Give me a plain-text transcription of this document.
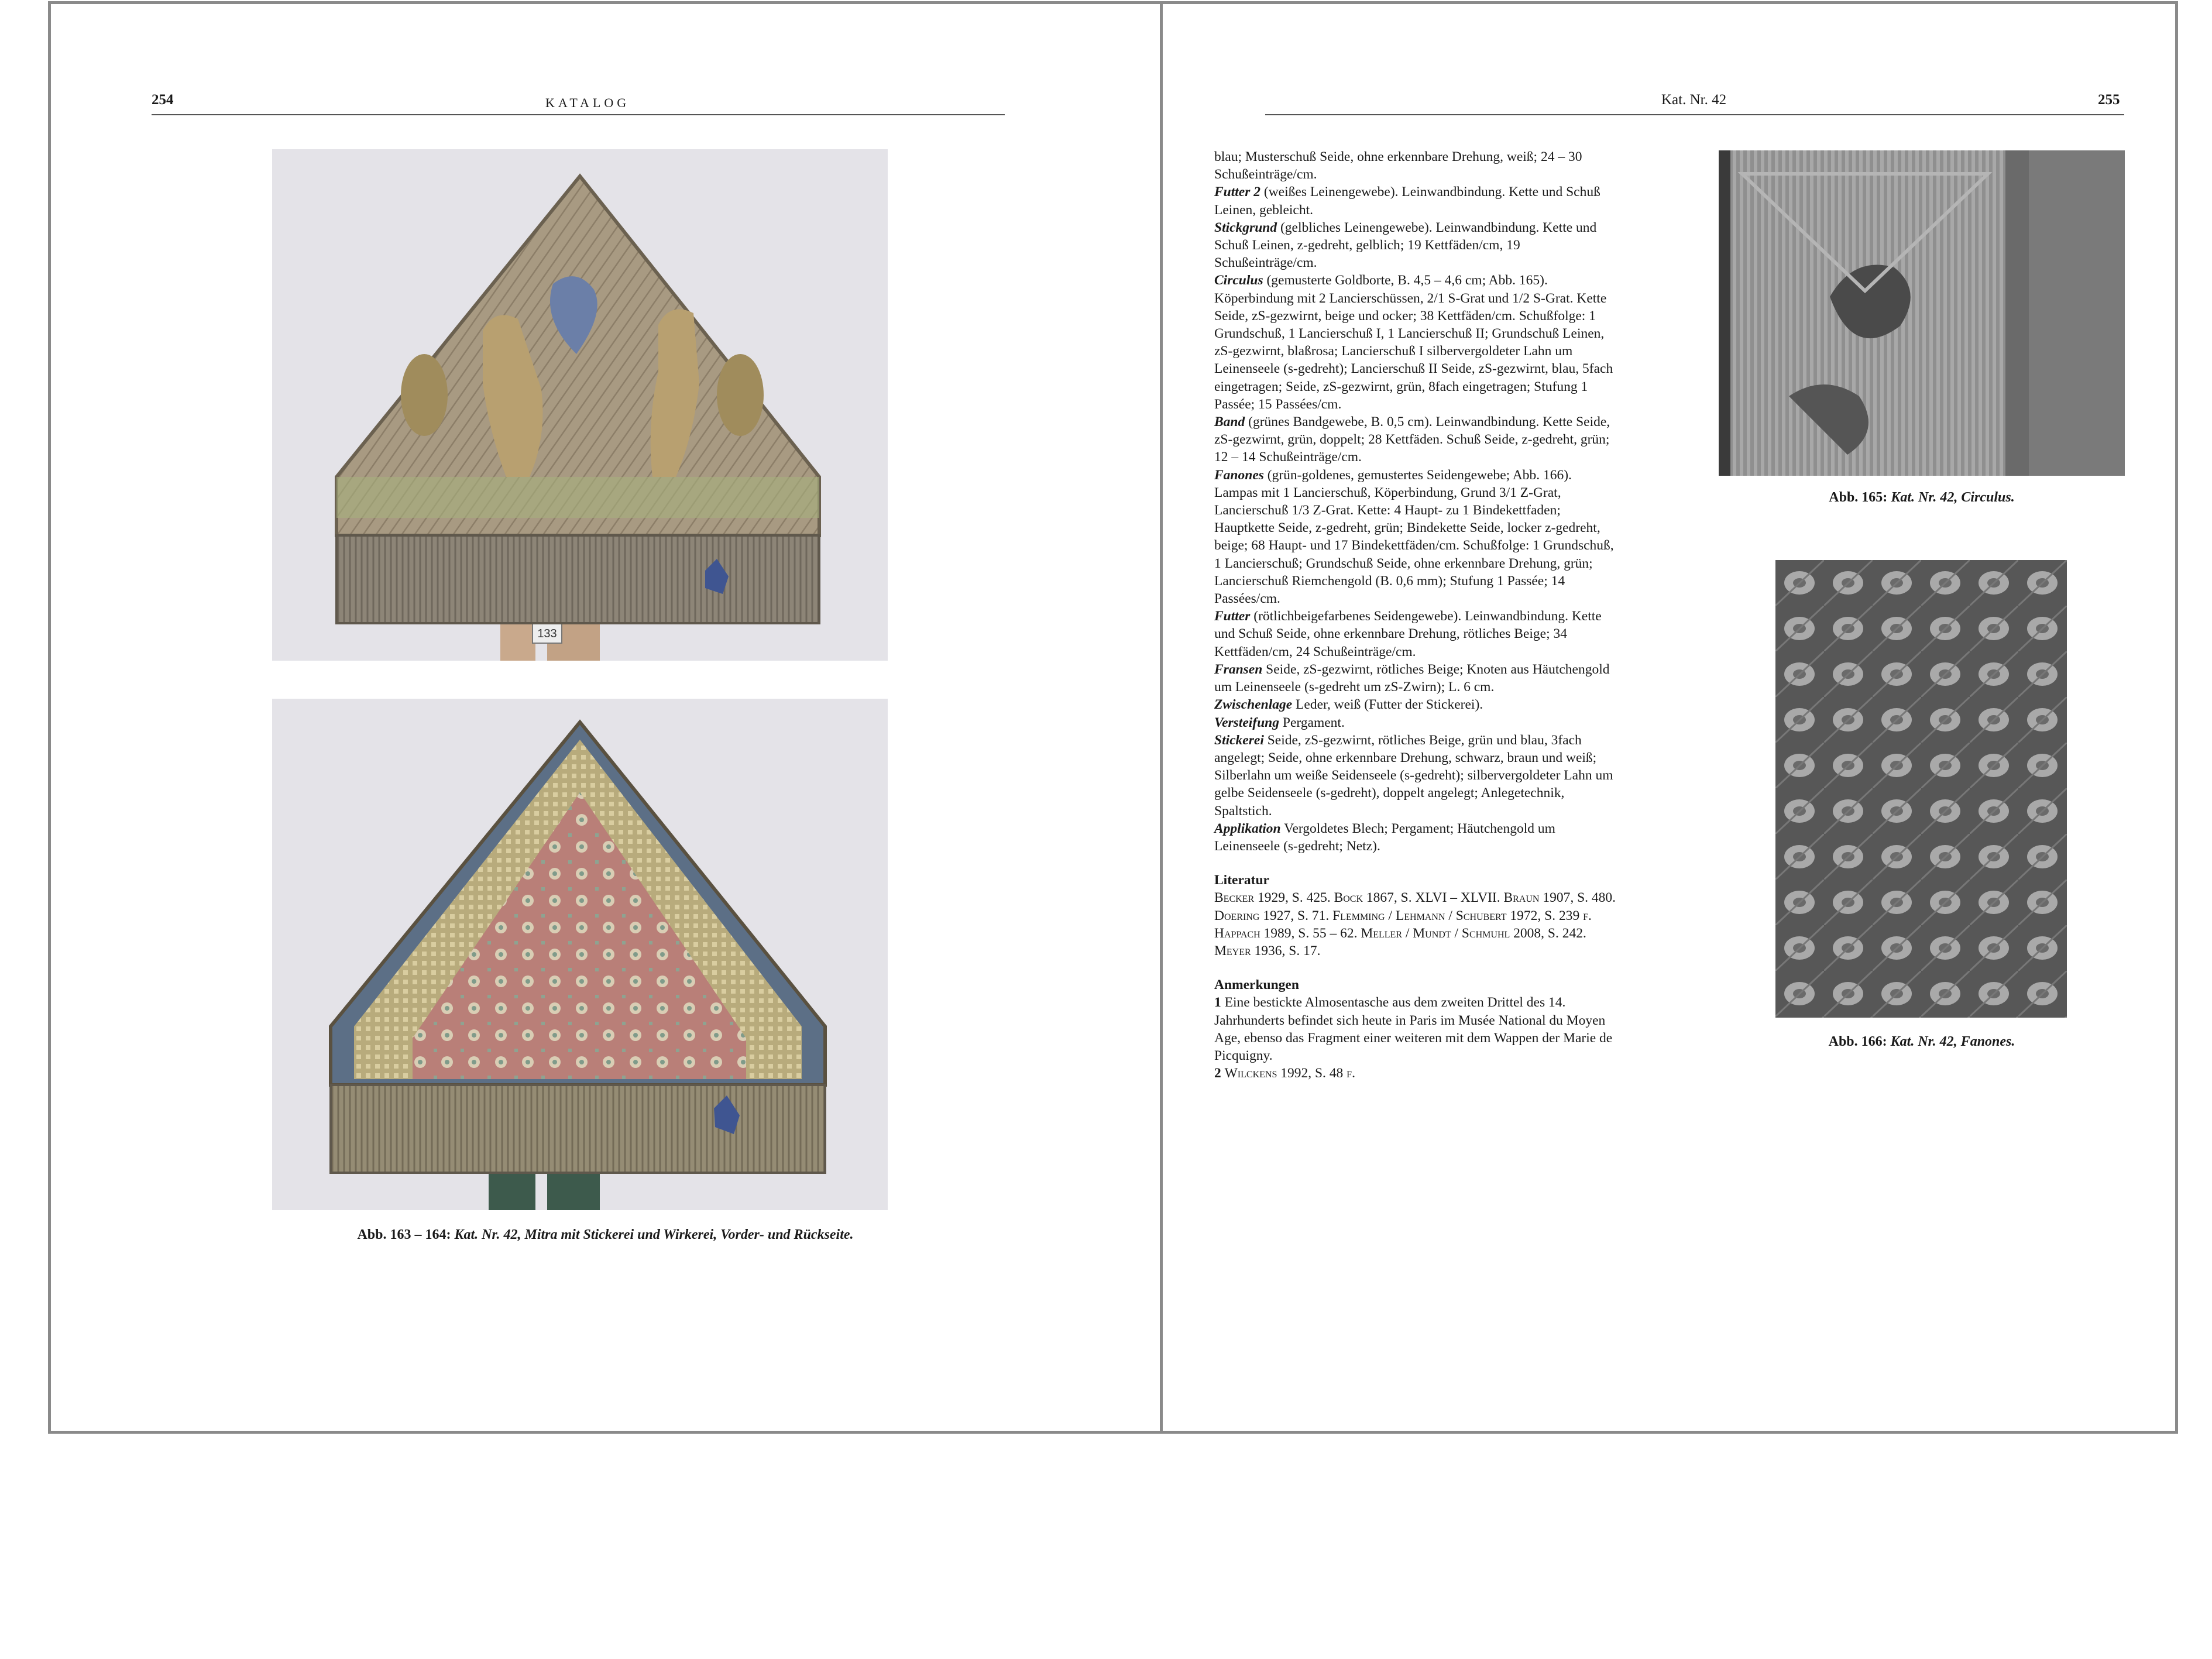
254	KATALOG
133
Abb. 163 – 164: Kat. Nr. 42, Mitra mit Stickerei und Wirkerei, Vorder- und Rückseite.
Kat. Nr. 42	255
Abb. 165: Kat. Nr. 42, Circulus.
Abb. 166: Kat. Nr. 42, Fanones.

blau; Musterschuß Seide, ohne erkennbare Drehung, weiß; 24 – 30 Schußeinträge/cm.

Futter 2 (weißes Leinengewebe). Leinwandbindung. Kette und Schuß Leinen, gebleicht.

Stickgrund (gelbliches Leinengewebe). Leinwandbindung. Kette und Schuß Leinen, z-gedreht, gelblich; 19 Kettfäden/cm, 19 Schußeinträge/cm.

Circulus (gemusterte Goldborte, B. 4,5 – 4,6 cm; Abb. 165). Köperbindung mit 2 Lancierschüssen, 2/1 S-Grat und 1/2 S-Grat. Kette Seide, zS-gezwirnt, beige und ocker; 38 Kettfäden/cm. Schußfolge: 1 Grundschuß, 1 Lancierschuß I, 1 Lancierschuß II; Grundschuß Leinen, zS-gezwirnt, blaßrosa; Lancierschuß I silbervergoldeter Lahn um Leinenseele (s-gedreht); Lancierschuß II Seide, zS-gezwirnt, blau, 5fach eingetragen; Seide, zS-gezwirnt, grün, 8fach eingetragen; Stufung 1 Passée; 15 Passées/cm.

Band (grünes Bandgewebe, B. 0,5 cm). Leinwandbindung. Kette Seide, zS-gezwirnt, grün, doppelt; 28 Kettfäden. Schuß Seide, z-gedreht, grün; 12 – 14 Schußeinträge/cm.

Fanones (grün-goldenes, gemustertes Seidengewebe; Abb. 166). Lampas mit 1 Lancierschuß, Köperbindung, Grund 3/1 Z-Grat, Lancierschuß 1/3 Z-Grat. Kette: 4 Haupt- zu 1 Bindekettfaden; Hauptkette Seide, z-gedreht, grün; Bindekette Seide, locker z-gedreht, beige; 68 Haupt- und 17 Bindekettfäden/cm. Schußfolge: 1 Grundschuß, 1 Lancierschuß; Grundschuß Seide, ohne erkennbare Drehung, grün; Lancierschuß Riemchengold (B. 0,6 mm); Stufung 1 Passée; 14 Passées/cm.

Futter (rötlichbeigefarbenes Seidengewebe). Leinwandbindung. Kette und Schuß Seide, ohne erkennbare Drehung, rötliches Beige; 34 Kettfäden/cm, 24 Schußeinträge/cm.

Fransen Seide, zS-gezwirnt, rötliches Beige; Knoten aus Häutchengold um Leinenseele (s-gedreht um zS-Zwirn); L. 6 cm.

Zwischenlage Leder, weiß (Futter der Stickerei).

Versteifung Pergament.

Stickerei Seide, zS-gezwirnt, rötliches Beige, grün und blau, 3fach angelegt; Seide, ohne erkennbare Drehung, schwarz, braun und weiß; Silberlahn um weiße Seidenseele (s-gedreht); silbervergoldeter Lahn um gelbe Seidenseele (s-gedreht), doppelt angelegt; Anlegetechnik, Spaltstich.

Applikation Vergoldetes Blech; Pergament; Häutchengold um Leinenseele (s-gedreht; Netz).

Literatur

Becker 1929, S. 425. Bock 1867, S. XLVI – XLVII. Braun 1907, S. 480. Doering 1927, S. 71. Flemming / Lehmann / Schubert 1972, S. 239 f. Happach 1989, S. 55 – 62. Meller / Mundt / Schmuhl 2008, S. 242. Meyer 1936, S. 17.

Anmerkungen

1 Eine bestickte Almosentasche aus dem zweiten Drittel des 14. Jahrhunderts befindet sich heute in Paris im Musée National du Moyen Age, ebenso das Fragment einer weiteren mit dem Wappen der Marie de Picquigny.

2 Wilckens 1992, S. 48 f.
